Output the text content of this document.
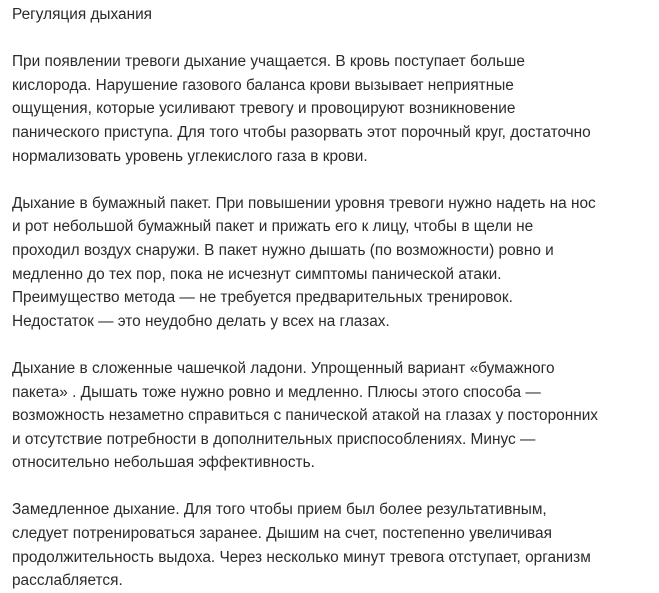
Регуляция дыхания
При появлении тревоги дыхание учащается. В кровь поступает больше
кислорода. Нарушение газового баланса крови вызывает неприятные
ощущения, которые усиливают тревогу и провоцируют возникновение
панического приступа. Для того чтобы разорвать этот порочный круг, достаточно
нормализовать уровень углекислого газа в крови.
Дыхание в бумажный пакет. При повышении уровня тревоги нужно надеть на нос
и рот небольшой бумажный пакет и прижать его к лицу, чтобы в щели не
проходил воздух снаружи. В пакет нужно дышать (по возможности) ровно и
медленно до тех пор, пока не исчезнут симптомы панической атаки.
Преимущество метода — не требуется предварительных тренировок.
Недостаток — это неудобно делать у всех на глазах.
Дыхание в сложенные чашечкой ладони. Упрощенный вариант «бумажного
пакета» . Дышать тоже нужно ровно и медленно. Плюсы этого способа —
возможность незаметно справиться с панической атакой на глазах у посторонних
и отсутствие потребности в дополнительных приспособлениях. Минус —
относительно небольшая эффективность.
Замедленное дыхание. Для того чтобы прием был более результативным,
следует потренироваться заранее. Дышим на счет, постепенно увеличивая
продолжительность выдоха. Через несколько минут тревога отступает, организм
расслабляется.
